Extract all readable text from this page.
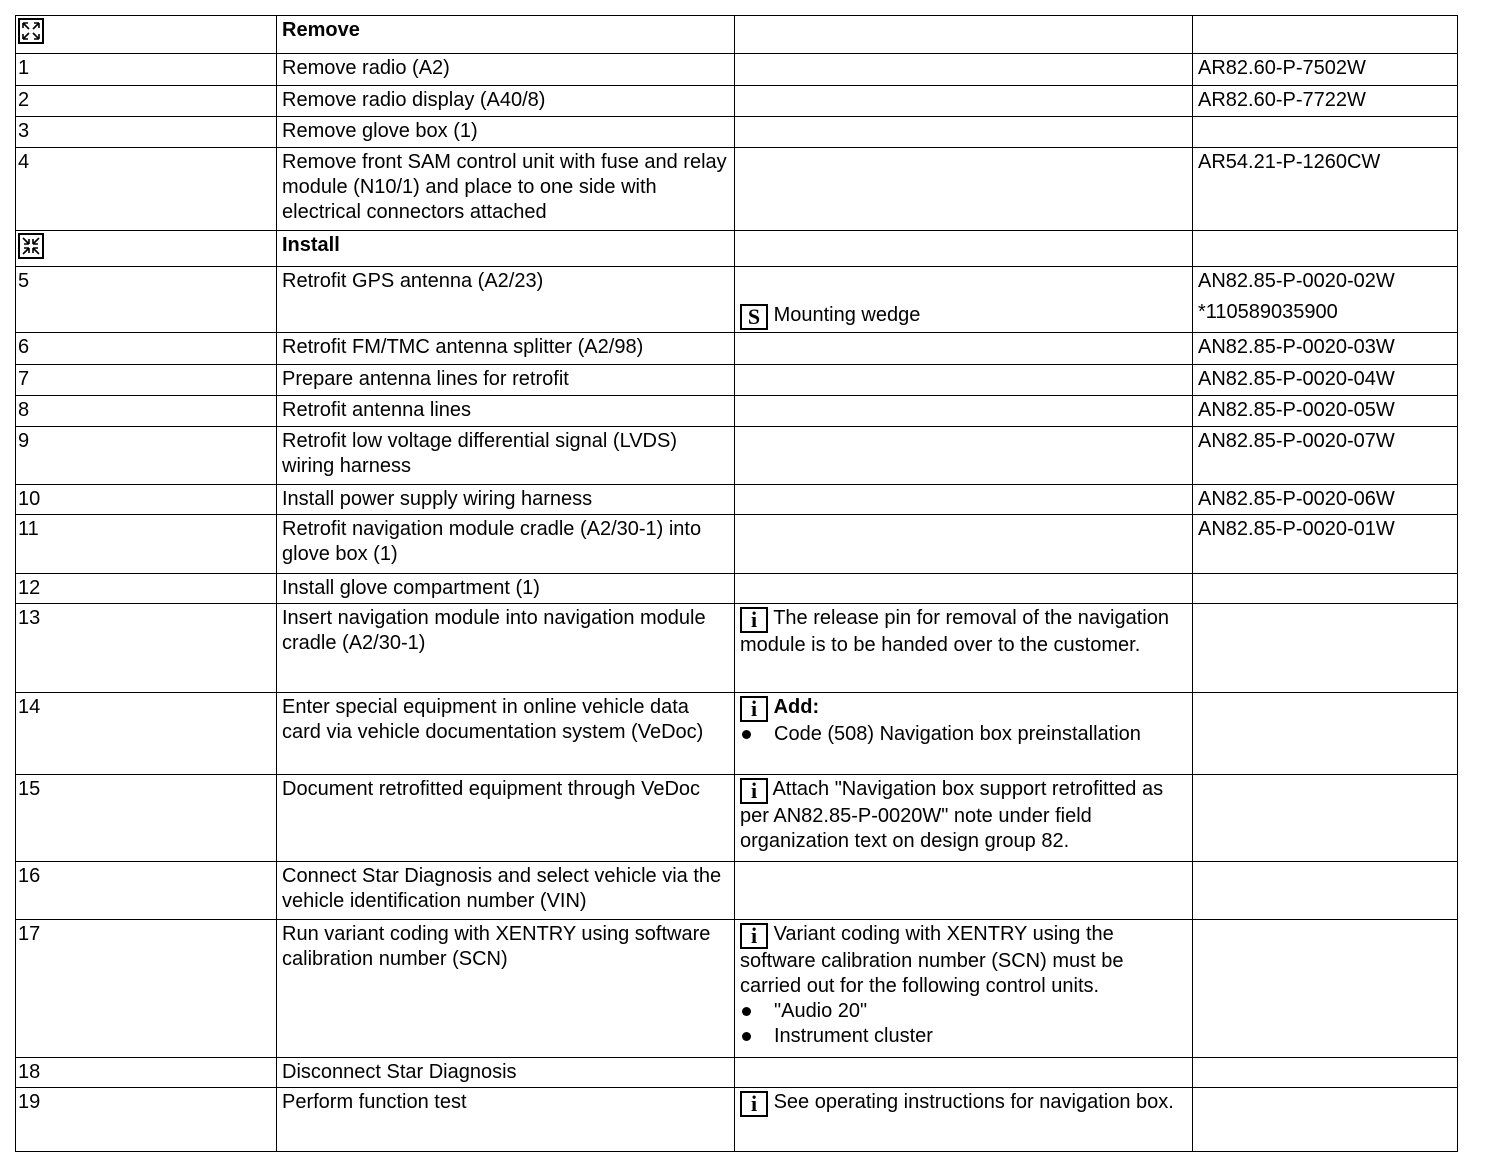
	Remove		
1	Remove radio (A2)		AR82.60-P-7502W
2	Remove radio display (A40/8)		AR82.60-P-7722W
3	Remove glove box (1)		
4	Remove front SAM control unit with fuse and relay module (N10/1) and place to one side with electrical connectors attached		AR54.21-P-1260CW

	Install		
5	Retrofit GPS antenna (A2/23)	S Mounting wedge	AN82.85-P-0020-02W
*110589035900

6	Retrofit FM/TMC antenna splitter (A2/98)		AN82.85-P-0020-03W
7	Prepare antenna lines for retrofit		AN82.85-P-0020-04W
8	Retrofit antenna lines		AN82.85-P-0020-05W
9	Retrofit low voltage differential signal (LVDS) wiring harness		AN82.85-P-0020-07W
10	Install power supply wiring harness		AN82.85-P-0020-06W
11	Retrofit navigation module cradle (A2/30-1) into glove box (1)		AN82.85-P-0020-01W
12	Install glove compartment (1)		
13	Insert navigation module into navigation module cradle (A2/30-1)	i The release pin for removal of the navigation module is to be handed over to the customer.	
14	Enter special equipment in online vehicle data card via vehicle documentation system (VeDoc)	i Add:
Code (508) Navigation box preinstallation	

15	Document retrofitted equipment through VeDoc	i Attach "Navigation box support retrofitted as per AN82.85-P-0020W" note under field organization text on design group 82.	
16	Connect Star Diagnosis and select vehicle via the vehicle identification number (VIN)		
17	Run variant coding with XENTRY using software calibration number (SCN)	i Variant coding with XENTRY using the software calibration number (SCN) must be carried out for the following control units.
"Audio 20"
Instrument cluster	

18	Disconnect Star Diagnosis		
19	Perform function test	i See operating instructions for navigation box.	
